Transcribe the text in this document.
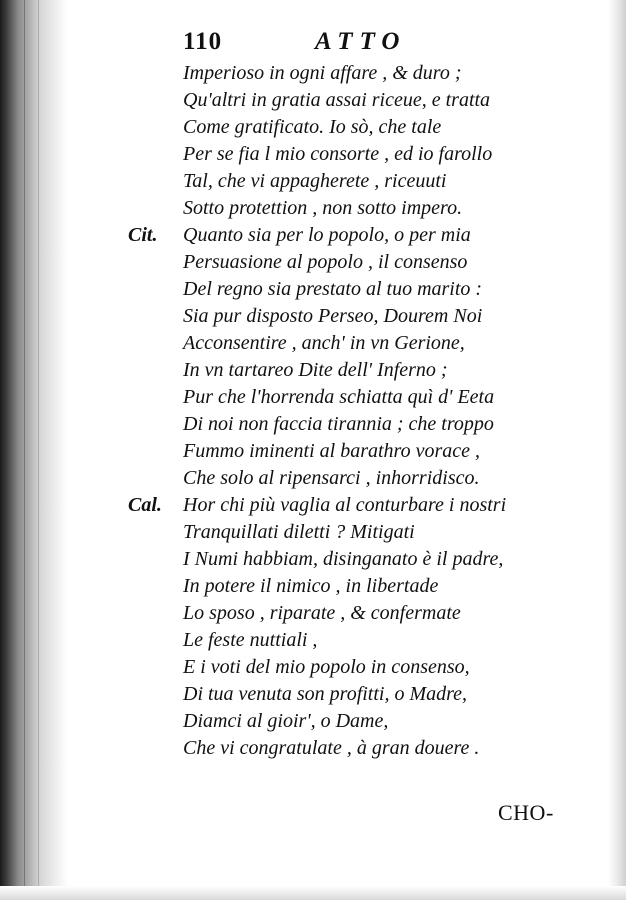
110	ATTO
Imperioso in ogni affare , & duro ;
Qu'altri in gratia assai riceue, e tratta
Come gratificato. Io sò, che tale
Per se fia l mio consorte , ed io farollo
Tal, che vi appagherete , riceuuti
Sotto protettion , non sotto impero.
Cit. Quanto sia per lo popolo, o per mia
Persuasione al popolo , il consenso
Del regno sia prestato al tuo marito :
Sia pur disposto Perseo, Dourem Noi
Acconsentire , anch' in vn Gerione,
In vn tartareo Dite dell' Inferno ;
Pur che l'horrenda schiatta quì d' Eeta
Di noi non faccia tirannia ; che troppo
Fummo iminenti al barathro vorace ,
Che solo al ripensarci , inhorridisco.
Cal. Hor chi più vaglia al conturbare i nostri
Tranquillati diletti ? Mitigati
I Numi habbiam, disinganato è il padre,
In potere il nimico , in libertade
Lo sposo , riparate , & confermate
Le feste nuttiali ,
E i voti del mio popolo in consenso,
Di tua venuta son profitti, o Madre,
Diamci al gioir', o Dame,
Che vi congratulate , à gran douere .
CHO-
